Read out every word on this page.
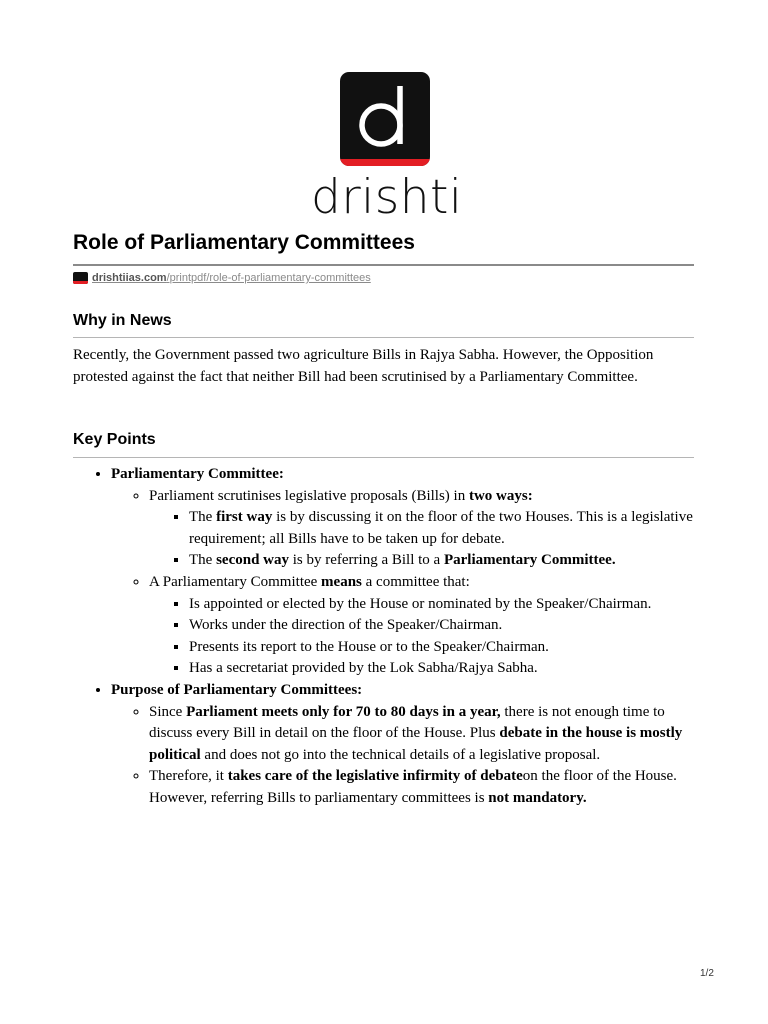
drishti
Role of Parliamentary Committees
drishtiias.com/printpdf/role-of-parliamentary-committees
Why in News

Recently, the Government passed two agriculture Bills in Rajya Sabha. However, the Opposition protested against the fact that neither Bill had been scrutinised by a Parliamentary Committee.

Key Points
• Parliamentary Committee:
◦ Parliament scrutinises legislative proposals (Bills) in two ways:
▪ The first way is by discussing it on the floor of the two Houses. This is a legislative requirement; all Bills have to be taken up for debate.
▪ The second way is by referring a Bill to a Parliamentary Committee.
◦ A Parliamentary Committee means a committee that:
▪ Is appointed or elected by the House or nominated by the Speaker/Chairman.
▪ Works under the direction of the Speaker/Chairman.
▪ Presents its report to the House or to the Speaker/Chairman.
▪ Has a secretariat provided by the Lok Sabha/Rajya Sabha.
• Purpose of Parliamentary Committees:
◦ Since Parliament meets only for 70 to 80 days in a year, there is not enough time to discuss every Bill in detail on the floor of the House. Plus debate in the house is mostly political and does not go into the technical details of a legislative proposal.
◦ Therefore, it takes care of the legislative infirmity of debateon the floor of the House. However, referring Bills to parliamentary committees is not mandatory.
1/2
